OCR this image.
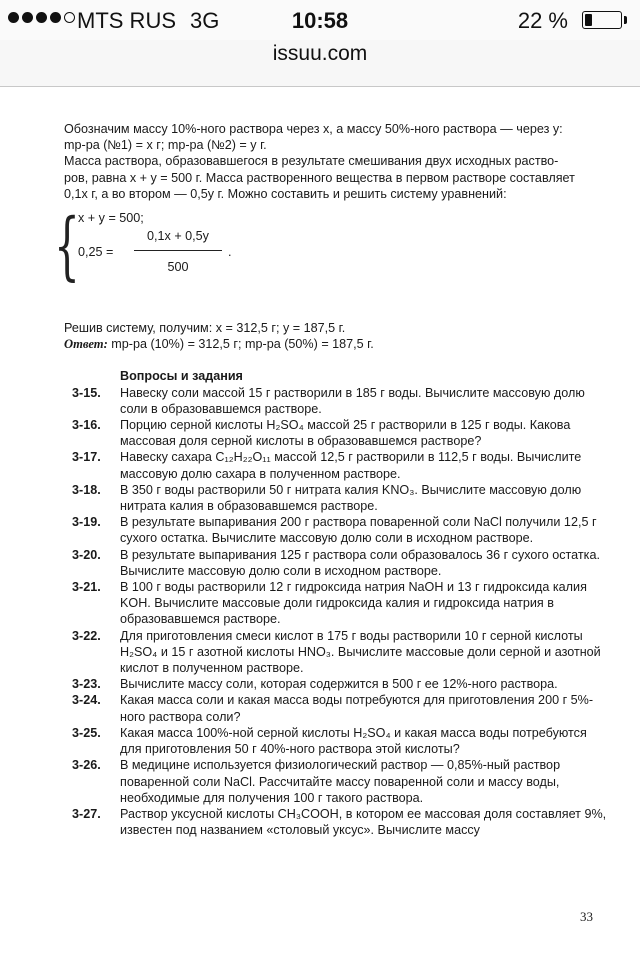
MTS RUS 3G	10:58	22 %
issuu.com

Обозначим массу 10%-ного раствора через x, а массу 50%-ного раствора — через y:

mр-ра (№1) = x г; mр-ра (№2) = y г.

Масса раствора, образовавшегося в результате смешивания двух исходных раство-

ров, равна x + y = 500 г. Масса растворенного вещества в первом растворе составляет

0,1x г, а во втором — 0,5y г. Можно составить и решить систему уравнений:

{
x + y = 500;
$0,25 = \frac{0,1x + 0,5y}{500}$ .

Решив систему, получим: x = 312,5 г; y = 187,5 г.

Ответ: mр-ра (10%) = 312,5 г; mр-ра (50%) = 187,5 г.

Вопросы и задания

3-15. Навеску соли массой 15 г растворили в 185 г воды. Вычислите массовую долю соли в образовавшемся растворе.

3-16. Порцию серной кислоты H₂SO₄ массой 25 г растворили в 125 г воды. Какова массовая доля серной кислоты в образовавшемся растворе?

3-17. Навеску сахара C₁₂H₂₂O₁₁ массой 12,5 г растворили в 112,5 г воды. Вычислите массовую долю сахара в полученном растворе.

3-18. В 350 г воды растворили 50 г нитрата калия KNO₃. Вычислите массовую долю нитрата калия в образовавшемся растворе.

3-19. В результате выпаривания 200 г раствора поваренной соли NaCl получили 12,5 г сухого остатка. Вычислите массовую долю соли в исходном растворе.

3-20. В результате выпаривания 125 г раствора соли образовалось 36 г сухого остатка. Вычислите массовую долю соли в исходном растворе.

3-21. В 100 г воды растворили 12 г гидроксида натрия NaOH и 13 г гидроксида калия KOH. Вычислите массовые доли гидроксида калия и гидроксида натрия в образовавшемся растворе.

3-22. Для приготовления смеси кислот в 175 г воды растворили 10 г серной кислоты H₂SO₄ и 15 г азотной кислоты HNO₃. Вычислите массовые доли серной и азотной кислот в полученном растворе.

3-23. Вычислите массу соли, которая содержится в 500 г ее 12%-ного раствора.

3-24. Какая масса соли и какая масса воды потребуются для приготовления 200 г 5%-ного раствора соли?

3-25. Какая масса 100%-ной серной кислоты H₂SO₄ и какая масса воды потребуются для приготовления 50 г 40%-ного раствора этой кислоты?

3-26. В медицине используется физиологический раствор — 0,85%-ный раствор поваренной соли NaCl. Рассчитайте массу поваренной соли и массу воды, необходимые для получения 100 г такого раствора.

3-27. Раствор уксусной кислоты CH₃COOH, в котором ее массовая доля составляет 9%, известен под названием «столовый уксус». Вычислите массу

33
